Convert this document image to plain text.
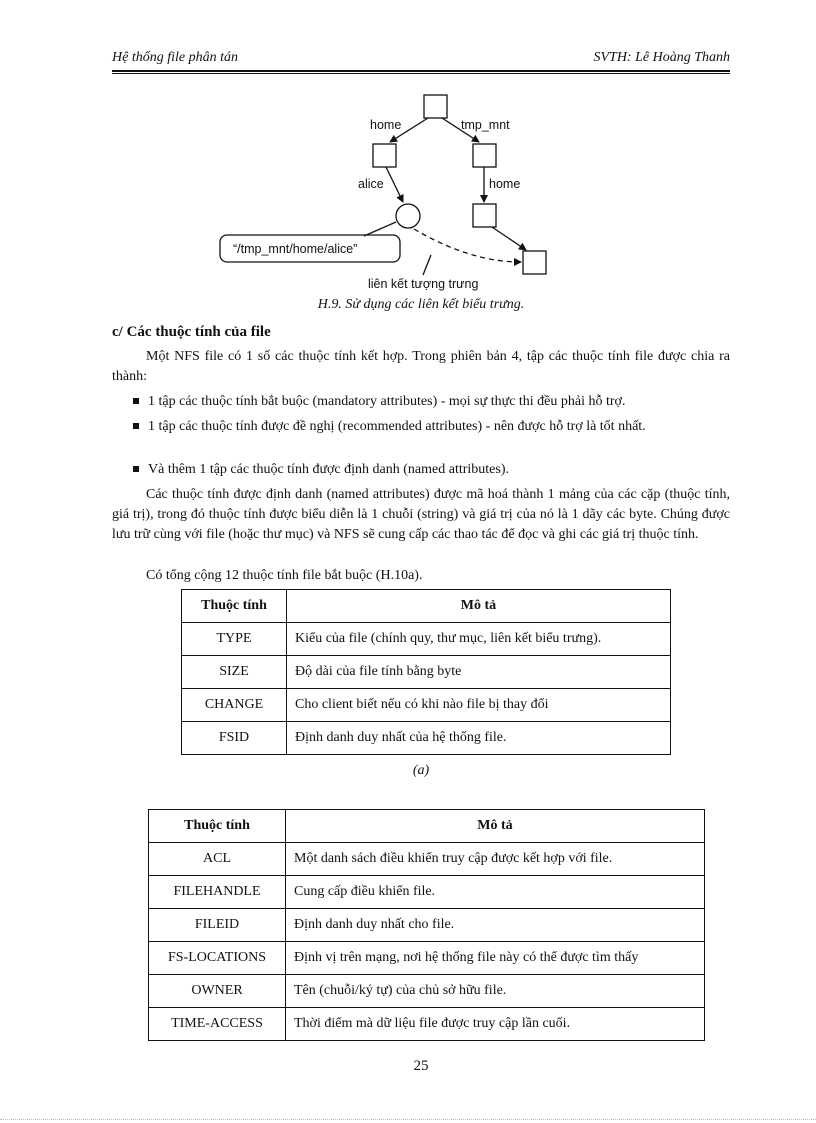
Hệ thống file phân tán	SVTH: Lê Hoàng Thanh
home	tmp_mnt
alice	home
“/tmp_mnt/home/alice”
liên kết tượng trưng
H.9. Sử dụng các liên kết biểu trưng.
c/ Các thuộc tính của file
Một NFS file có 1 số các thuộc tính kết hợp. Trong phiên bản 4, tập các thuộc tính file được chia ra thành:
1 tập các thuộc tính bắt buộc (mandatory attributes) - mọi sự thực thi đều phải hỗ trợ.
1 tập các thuộc tính được đề nghị (recommended attributes) - nên được hỗ trợ là tốt nhất.
Và thêm 1 tập các thuộc tính được định danh (named attributes).
Các thuộc tính được định danh (named attributes) được mã hoá thành 1 mảng của các cặp (thuộc tính, giá trị), trong đó thuộc tính được biểu diễn là 1 chuỗi (string) và giá trị của nó là 1 dãy các byte. Chúng được lưu trữ cùng với file (hoặc thư mục) và NFS sẽ cung cấp các thao tác để đọc và ghi các giá trị thuộc tính.
Có tổng cộng 12 thuộc tính file bắt buộc (H.10a).
Thuộc tính	Mô tả
TYPE	Kiểu của file (chính quy, thư mục, liên kết biểu trưng).
SIZE	Độ dài của file tính bằng byte
CHANGE	Cho client biết nếu có khi nào file bị thay đổi
FSID	Định danh duy nhất của hệ thống file.
(a)
Thuộc tính	Mô tả
ACL	Một danh sách điều khiển truy cập được kết hợp với file.
FILEHANDLE	Cung cấp điều khiển file.
FILEID	Định danh duy nhất cho file.
FS-LOCATIONS	Định vị trên mạng, nơi hệ thống file này có thể được tìm thấy
OWNER	Tên (chuỗi/ký tự) của chủ sở hữu file.
TIME-ACCESS	Thời điểm mà dữ liệu file được truy cập lần cuối.
25
